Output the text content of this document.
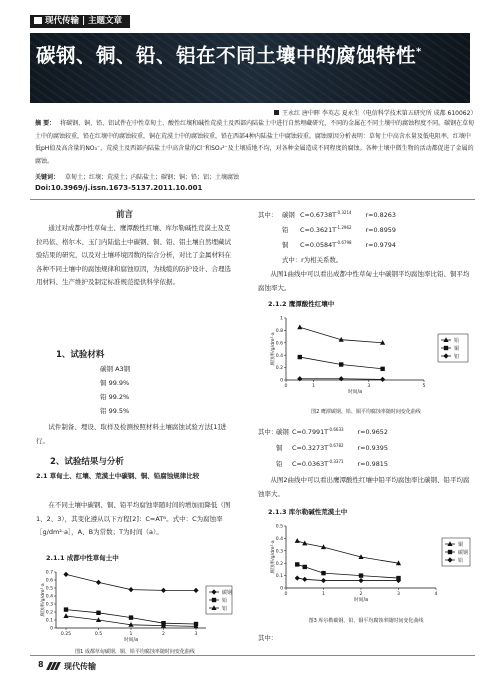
现代传输 | 主题文章
碳钢、铜、铅、铝在不同土壤中的腐蚀特性*
王永红 唐中晖 李英志 夏永生（电信科学技术第五研究所 成都 610062）
摘 要： 将碳钢、铜、铅、铝试件在中性草甸土、酸性红壤和碱性荒漠土及西部内陆盐土中进行自然埋藏研究，不同的金属在不同土壤中的腐蚀程度不同。碳钢在草甸土中的腐蚀较重，铅在红壤中的腐蚀较重，铜在荒漠土中的腐蚀较重，铅在西部4种内陆盐土中腐蚀较重。腐蚀原因分析表明：草甸土中高含水量及低电阻率，红壤中低pH值及高含量的NO₃⁻，荒漠土及西部内陆盐土中高含量的Cl⁻和SO₄²⁻及土壤质地不均，对各种金属造成不同程度的腐蚀。各种土壤中微生物的活动都促进了金属的腐蚀。
关键词： 草甸土；红壤；荒漠土；内陆盐土；碳钢；铜；铅；铝；土壤腐蚀
Doi:10.3969/j.issn.1673-5137.2011.10.001
前言
通过对成都中性草甸土、鹰潭酸性红壤、库尔勒碱性荒漠土及克拉玛依、格尔木、玉门内陆盐土中碳钢、铜、铅、铝土壤自然埋藏试验结果的研究，以及对土壤环境因数的综合分析，对比了金属材料在各种不同土壤中的腐蚀规律和腐蚀原因，为线缆的防护设计、合理选用材料、生产维护及制定标准规范提供科学依据。
1、试验材料
碳钢 A3钢
铜 99.9%
铅 99.2%
铝 99.5%
试件制备、埋设、取样及检测按照材料土壤腐蚀试验方法[1]进行。
2、试验结果与分析
2.1 草甸土、红壤、荒漠土中碳钢、铜、铅腐蚀规律比较
在不同土壤中碳钢、铜、铅平均腐蚀率随时间的增加而降低（图1、2、3），其变化遵从以下方程[2]：C=ATᴮ。式中：C为腐蚀率［g/dm²·a］，A、B为常数；T为时间（a）。
2.1.1 成都中性草甸土中
0
0.1
0.2
0.3
0.4
0.5
0.6
0.7
0.25	0.5	1	2	3
时间/a
腐蚀率/g/dm²·a	碳钢
铅
铝
图1 成都草甸碳钢、铜、铅平均腐蚀率随时间变化曲线
其中： 碳钢 $C=0.6738T^{-0.3214}$ r=0.8263
铅 $C=0.3621T^{-1.2962}$ r=0.8959
铜 $C=0.0584T^{-0.6798}$ r=0.9794
式中：r为相关系数。
从图1曲线中可以看出成都中性草甸土中碳钢平均腐蚀率比铅、铜平均腐蚀率大。
2.1.2 鹰潭酸性红壤中
0
0.2
0.4
0.6
0.8
1
0	1	3	5
时间/a
腐蚀率/g/dm²·a	铅
铜
铝
图2 鹰潭碳钢、铅、铜平均腐蚀率随时间变化曲线
其中：碳钢 $C=0.7991T^{-0.6633}$ r=0.9652
铜 $C=0.3273T^{-0.6782}$ r=0.9395
铅 $C=0.0363T^{-0.3371}$ r=0.9815
从图2曲线中可以看出鹰潭酸性红壤中铅平均腐蚀率比碳钢、铅平均腐蚀率大。
2.1.3 库尔勒碱性荒漠土中
0
0.1
0.2
0.3
0.4
0.5
0	1	2	3	4
时间/a
腐蚀率/g/dm²·a	铜
碳钢
铅
图3 库尔勒碳钢、铅、铜平均腐蚀率随时间变化曲线
其中：
8	现代传输
